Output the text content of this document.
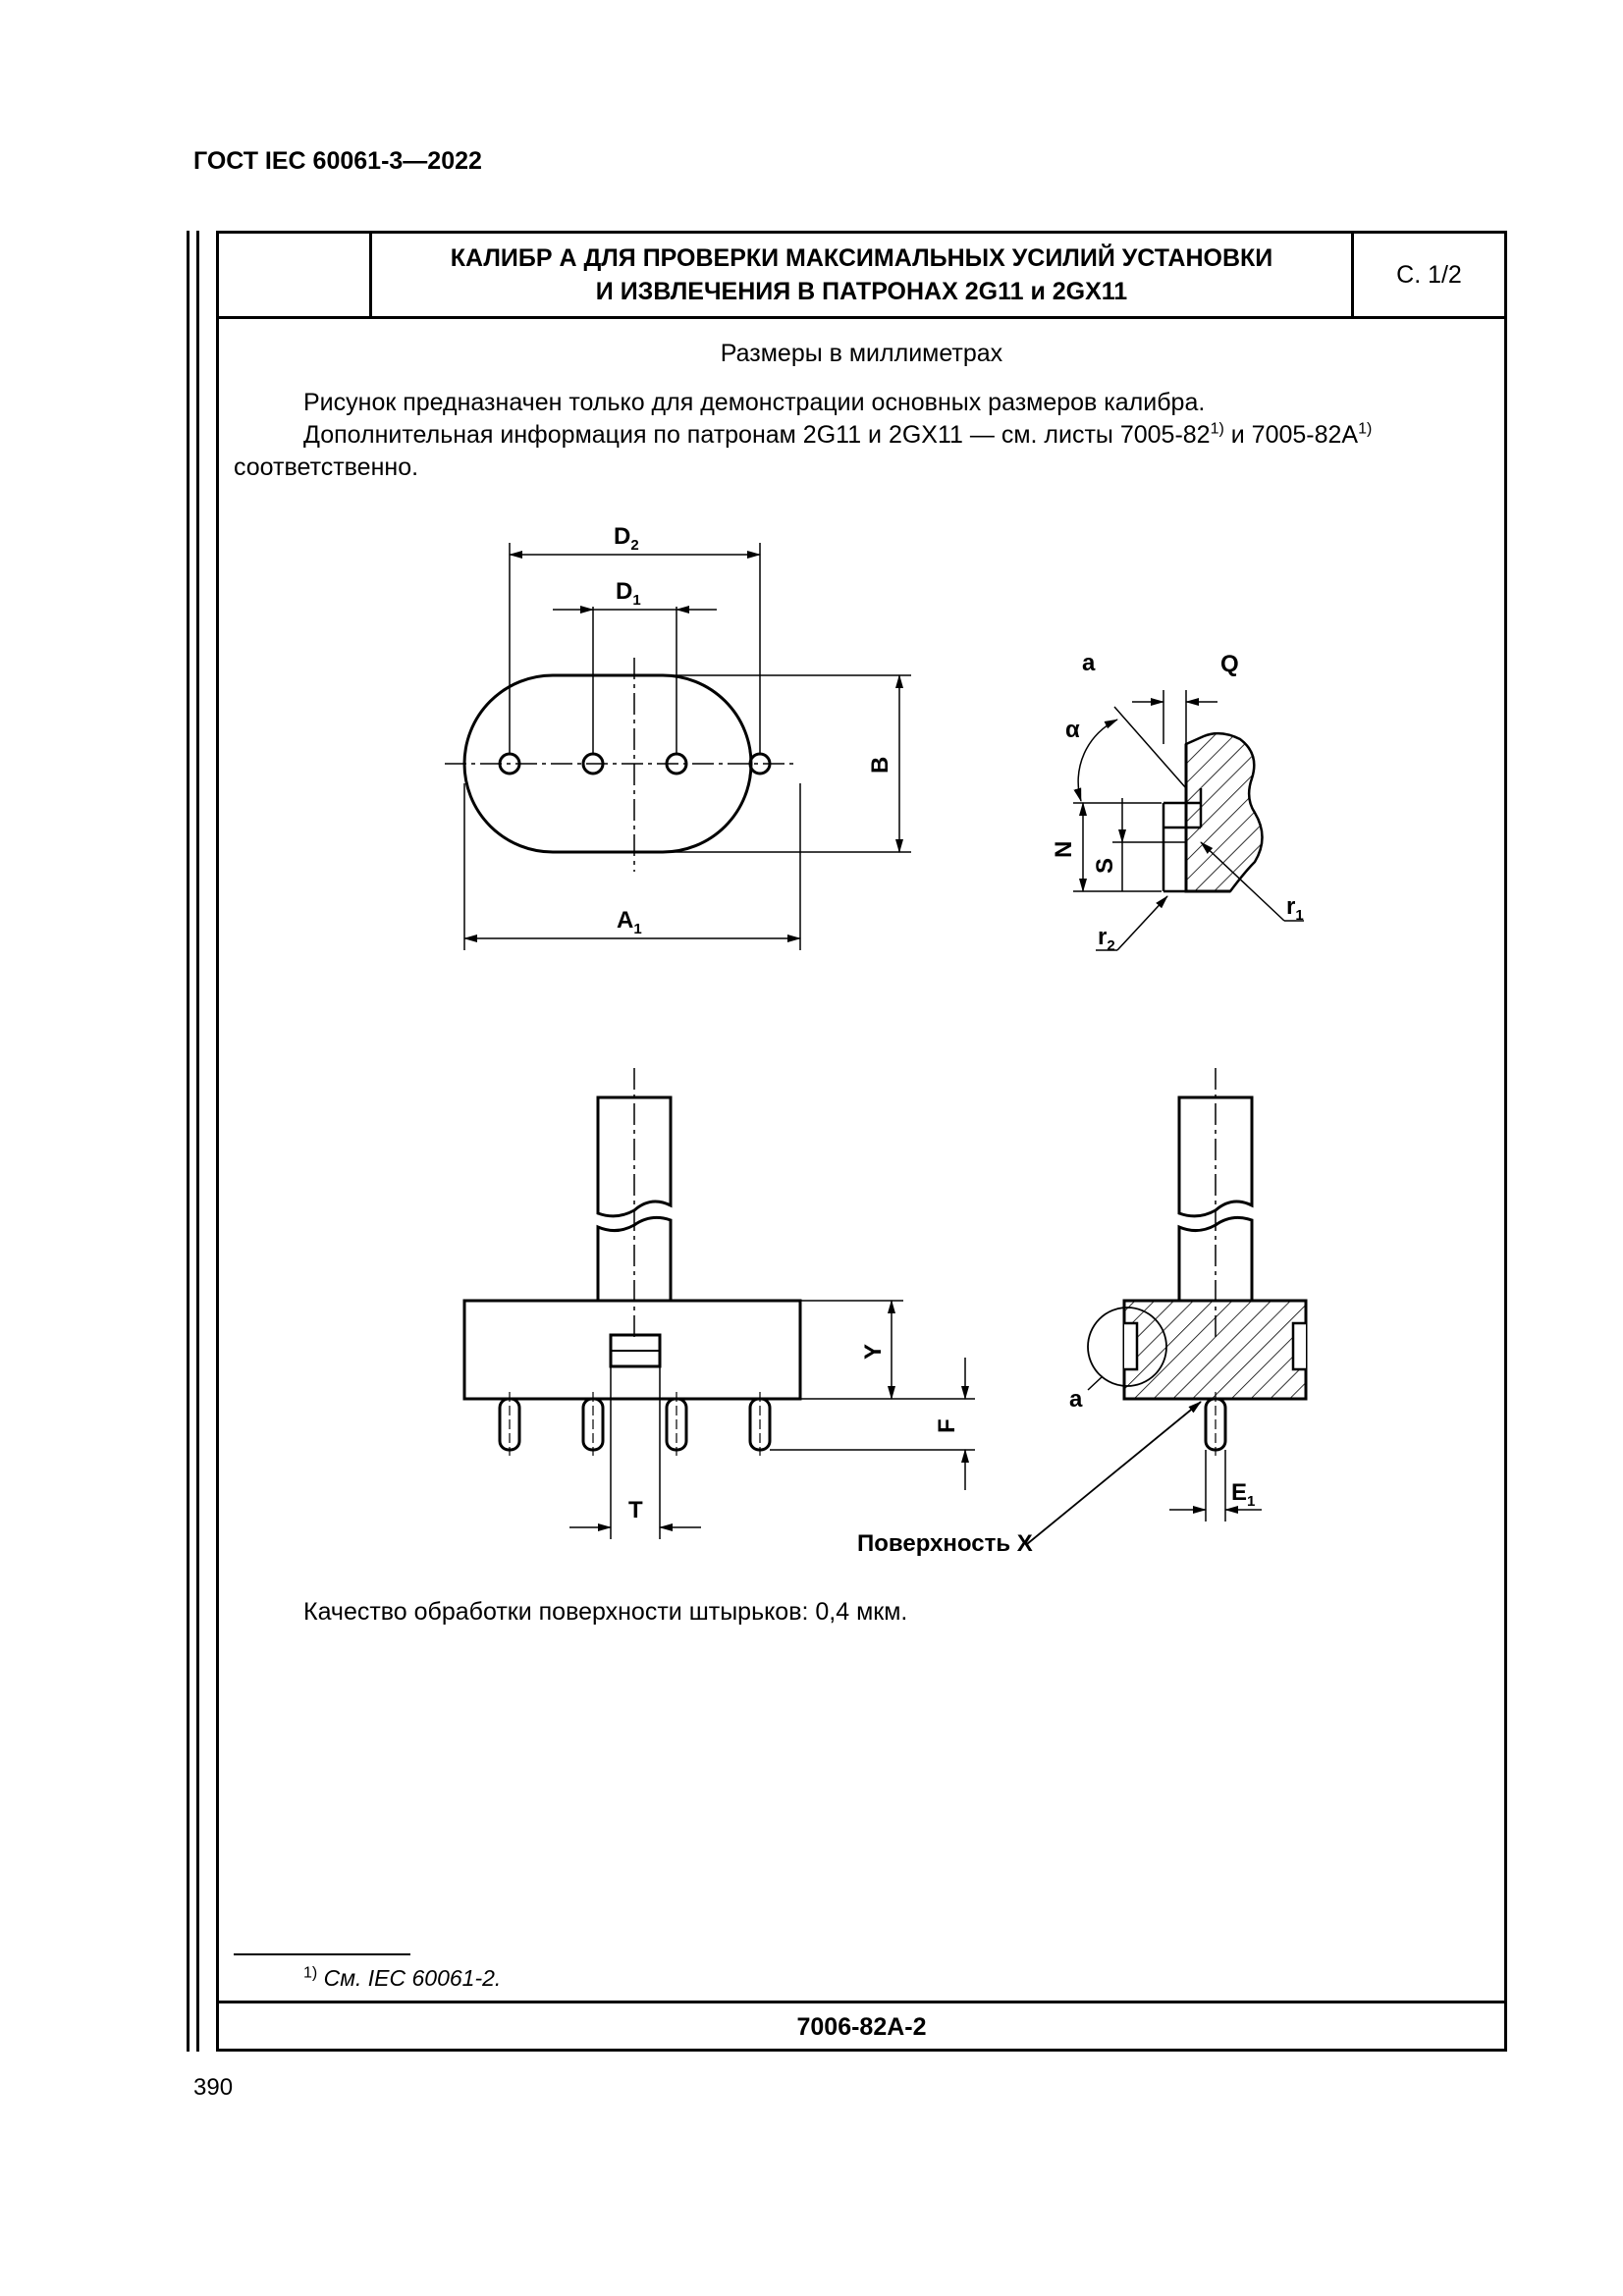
ГОСТ IEC 60061-3—2022
КАЛИБР А ДЛЯ ПРОВЕРКИ МАКСИМАЛЬНЫХ УСИЛИЙ УСТАНОВКИ
И ИЗВЛЕЧЕНИЯ В ПАТРОНАХ 2G11 и 2GX11
С. 1/2
Размеры в миллиметрах

Рисунок предназначен только для демонстрации основных размеров калибра.

Дополнительная информация по патронам 2G11 и 2GX11 — см. листы 7005-82$^{1)}$ и $7005-82A^{1)}$

соответственно.

$D_2$
$D_1$
$A_1$
B
a	Q
α
N
S
$r_1$
$r_2$
Y
F
T
a
$E_1$
Поверхность X
Качество обработки поверхности штырьков: 0,4 мкм.
$^{1)}$ См. IEC 60061-2.
7006-82A-2
390
